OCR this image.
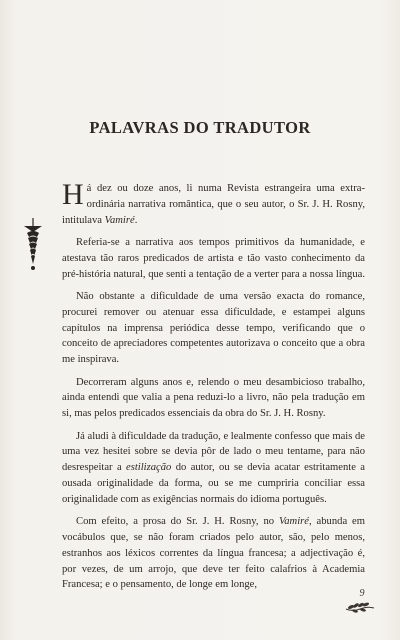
PALAVRAS DO TRADUTOR

Há dez ou doze anos, li numa Revista estrangeira uma extra-ordinária narrativa romântica, que o seu autor, o Sr. J. H. Rosny, intitulava Vamiré.

Referia-se a narrativa aos tempos primitivos da humanidade, e atestava tão raros predicados de artista e tão vasto conhecimento da pré-história natural, que senti a tentação de a verter para a nossa língua.

Não obstante a dificuldade de uma versão exacta do romance, procurei remover ou atenuar essa dificuldade, e estampei alguns capítulos na imprensa periódica desse tempo, verificando que o conceito de apreciadores competentes autorizava o conceito que a obra me inspirava.

Decorreram alguns anos e, relendo o meu desambicioso trabalho, ainda entendi que valia a pena reduzi-lo a livro, não pela tradução em si, mas pelos predicados essenciais da obra do Sr. J. H. Rosny.

Já aludi à dificuldade da tradução, e lealmente confesso que mais de uma vez hesitei sobre se devia pôr de lado o meu tentame, para não desrespeitar a estilização do autor, ou se devia acatar estritamente a ousada originalidade da forma, ou se me cumpriria conciliar essa originalidade com as exigências normais do idioma português.

Com efeito, a prosa do Sr. J. H. Rosny, no Vamiré, abunda em vocábulos que, se não foram criados pelo autor, são, pelo menos, estranhos aos léxicos correntes da língua francesa; a adjectivação é, por vezes, de um arrojo, que deve ter feito calafrios à Academia Francesa; e o pensamento, de longe em longe,

9
